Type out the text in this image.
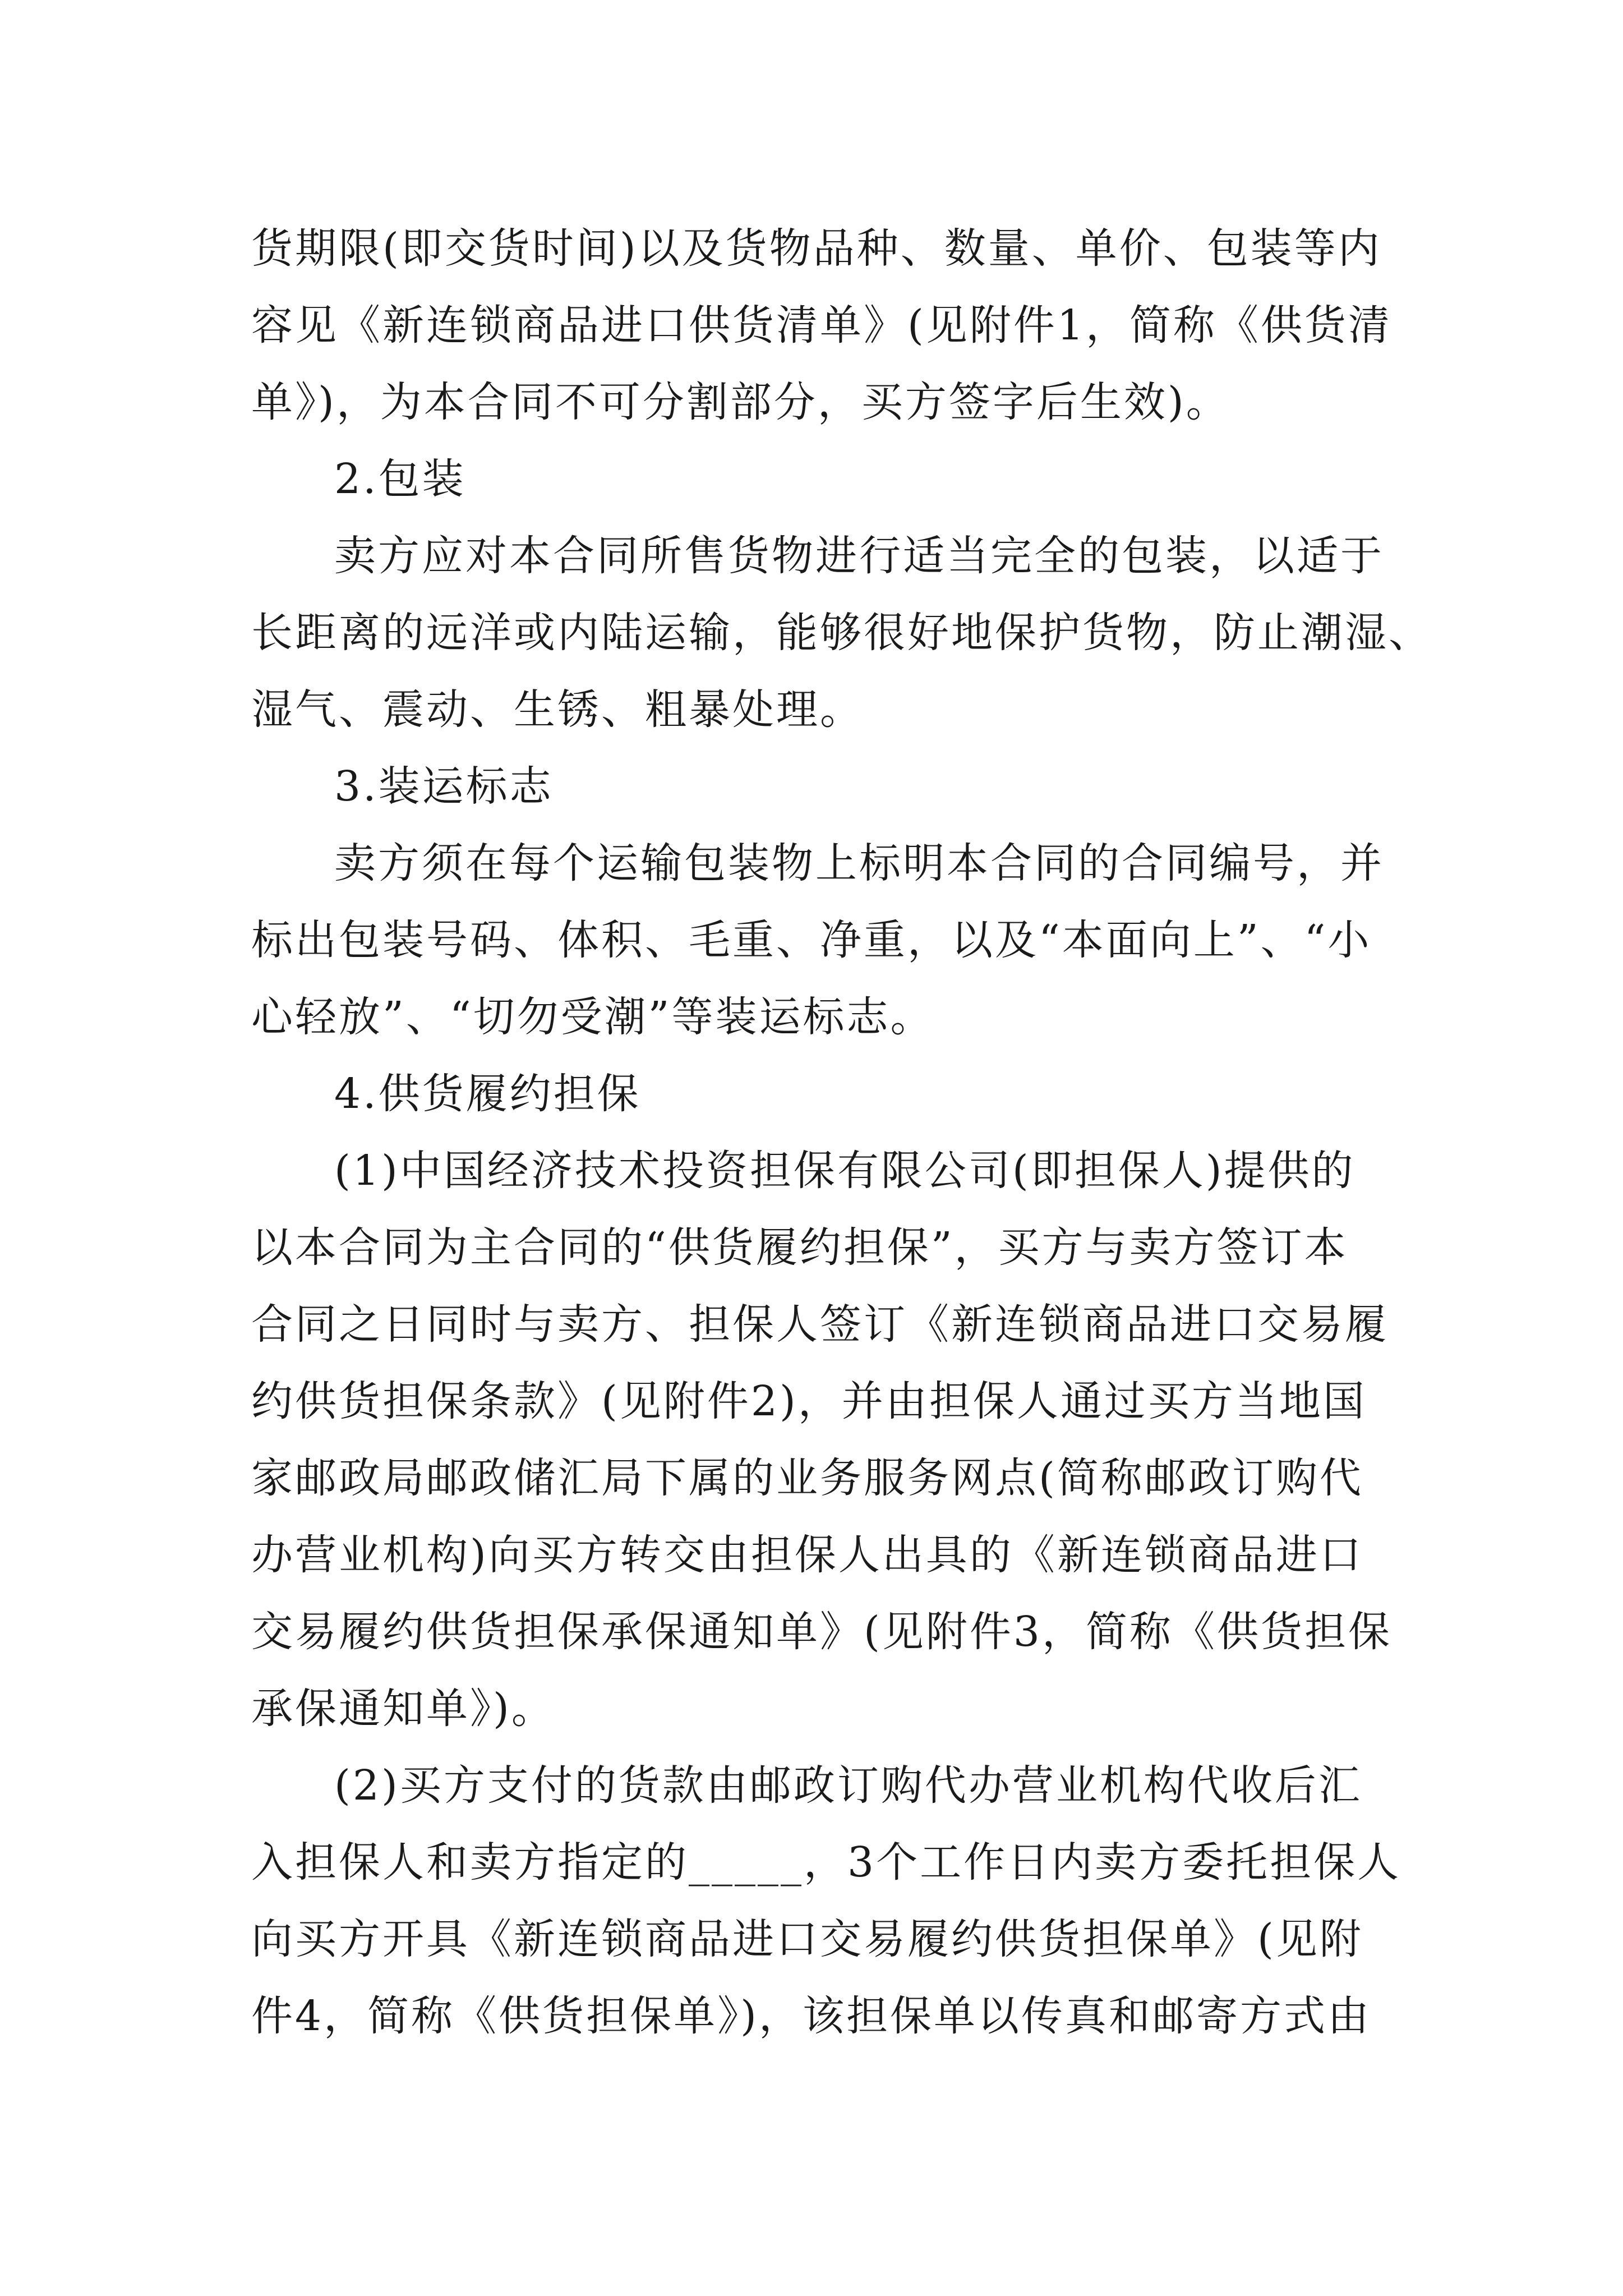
货期限(即交货时间)以及货物品种、数量、单价、包装等内
容见《新连锁商品进口供货清单》(见附件1，简称《供货清
单》)，为本合同不可分割部分，买方签字后生效)。
2.包装
卖方应对本合同所售货物进行适当完全的包装，以适于
长距离的远洋或内陆运输，能够很好地保护货物，防止潮湿、
湿气、震动、生锈、粗暴处理。
3.装运标志
卖方须在每个运输包装物上标明本合同的合同编号，并
标出包装号码、体积、毛重、净重，以及“本面向上”、“小
心轻放”、“切勿受潮”等装运标志。
4.供货履约担保
(1)中国经济技术投资担保有限公司(即担保人)提供的
以本合同为主合同的“供货履约担保”，买方与卖方签订本
合同之日同时与卖方、担保人签订《新连锁商品进口交易履
约供货担保条款》(见附件2)，并由担保人通过买方当地国
家邮政局邮政储汇局下属的业务服务网点(简称邮政订购代
办营业机构)向买方转交由担保人出具的《新连锁商品进口
交易履约供货担保承保通知单》(见附件3，简称《供货担保
承保通知单》)。
(2)买方支付的货款由邮政订购代办营业机构代收后汇
入担保人和卖方指定的_____，3个工作日内卖方委托担保人
向买方开具《新连锁商品进口交易履约供货担保单》(见附
件4，简称《供货担保单》)，该担保单以传真和邮寄方式由
